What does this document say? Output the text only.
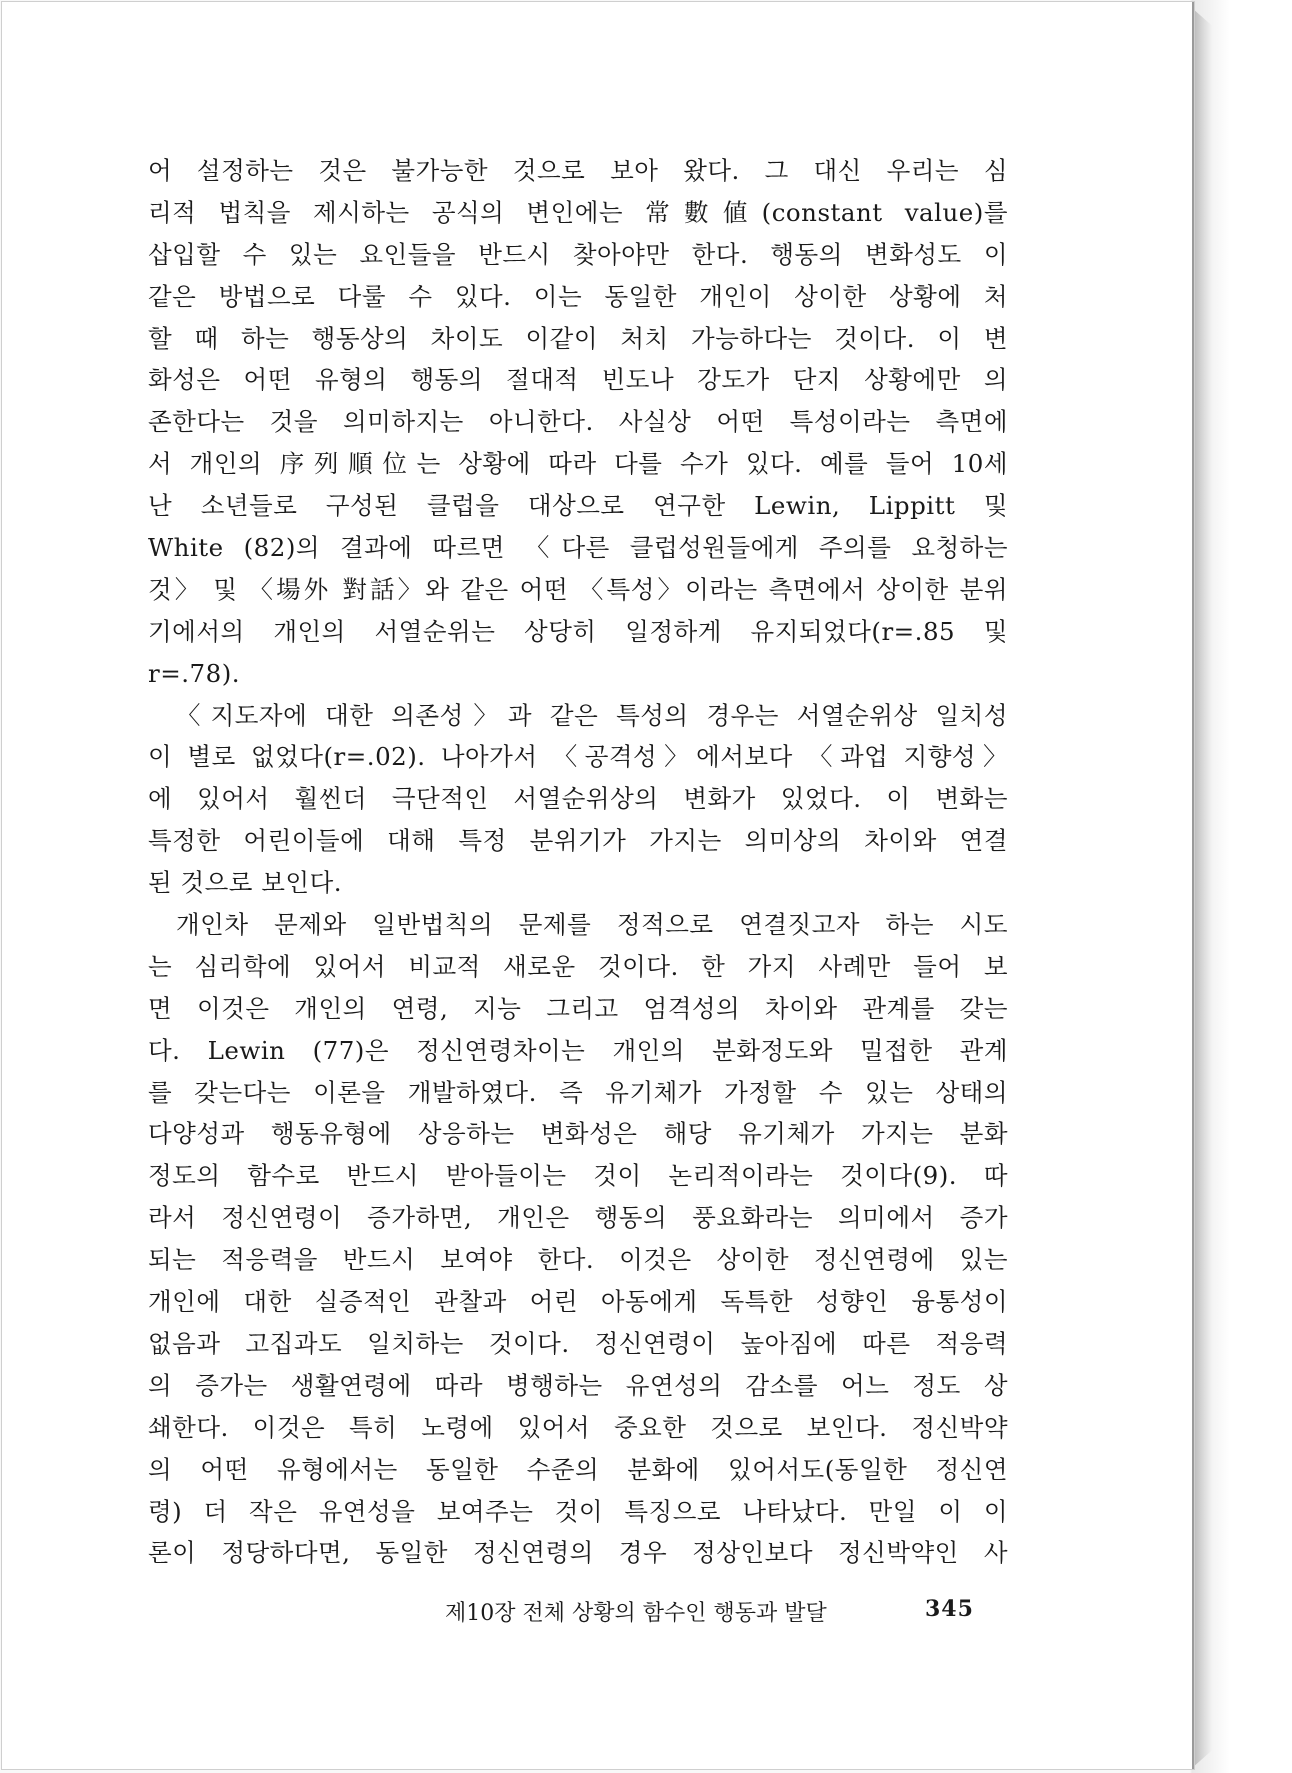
어 설정하는 것은 불가능한 것으로 보아 왔다. 그 대신 우리는 심
리적 법칙을 제시하는 공식의 변인에는 常數値(constant value)를
삽입할 수 있는 요인들을 반드시 찾아야만 한다. 행동의 변화성도 이
같은 방법으로 다룰 수 있다. 이는 동일한 개인이 상이한 상황에 처
할 때 하는 행동상의 차이도 이같이 처치 가능하다는 것이다. 이 변
화성은 어떤 유형의 행동의 절대적 빈도나 강도가 단지 상황에만 의
존한다는 것을 의미하지는 아니한다. 사실상 어떤 특성이라는 측면에
서 개인의 序列順位는 상황에 따라 다를 수가 있다. 예를 들어 10세
난 소년들로 구성된 클럽을 대상으로 연구한 Lewin, Lippitt 및
White (82)의 결과에 따르면 〈다른 클럽성원들에게 주의를 요청하는
것〉 및 〈場外 對話〉와 같은 어떤 〈특성〉이라는 측면에서 상이한 분위
기에서의 개인의 서열순위는 상당히 일정하게 유지되었다(r=.85 및
r=.78).
〈지도자에 대한 의존성〉과 같은 특성의 경우는 서열순위상 일치성
이 별로 없었다(r=.02). 나아가서 〈공격성〉에서보다 〈과업 지향성〉
에 있어서 훨씬더 극단적인 서열순위상의 변화가 있었다. 이 변화는
특정한 어린이들에 대해 특정 분위기가 가지는 의미상의 차이와 연결
된 것으로 보인다.
개인차 문제와 일반법칙의 문제를 정적으로 연결짓고자 하는 시도
는 심리학에 있어서 비교적 새로운 것이다. 한 가지 사례만 들어 보
면 이것은 개인의 연령, 지능 그리고 엄격성의 차이와 관계를 갖는
다. Lewin (77)은 정신연령차이는 개인의 분화정도와 밀접한 관계
를 갖는다는 이론을 개발하였다. 즉 유기체가 가정할 수 있는 상태의
다양성과 행동유형에 상응하는 변화성은 해당 유기체가 가지는 분화
정도의 함수로 반드시 받아들이는 것이 논리적이라는 것이다(9). 따
라서 정신연령이 증가하면, 개인은 행동의 풍요화라는 의미에서 증가
되는 적응력을 반드시 보여야 한다. 이것은 상이한 정신연령에 있는
개인에 대한 실증적인 관찰과 어린 아동에게 독특한 성향인 융통성이
없음과 고집과도 일치하는 것이다. 정신연령이 높아짐에 따른 적응력
의 증가는 생활연령에 따라 병행하는 유연성의 감소를 어느 정도 상
쇄한다. 이것은 특히 노령에 있어서 중요한 것으로 보인다. 정신박약
의 어떤 유형에서는 동일한 수준의 분화에 있어서도(동일한 정신연
령) 더 작은 유연성을 보여주는 것이 특징으로 나타났다. 만일 이 이
론이 정당하다면, 동일한 정신연령의 경우 정상인보다 정신박약인 사
제10장 전체 상황의 함수인 행동과 발달	345
